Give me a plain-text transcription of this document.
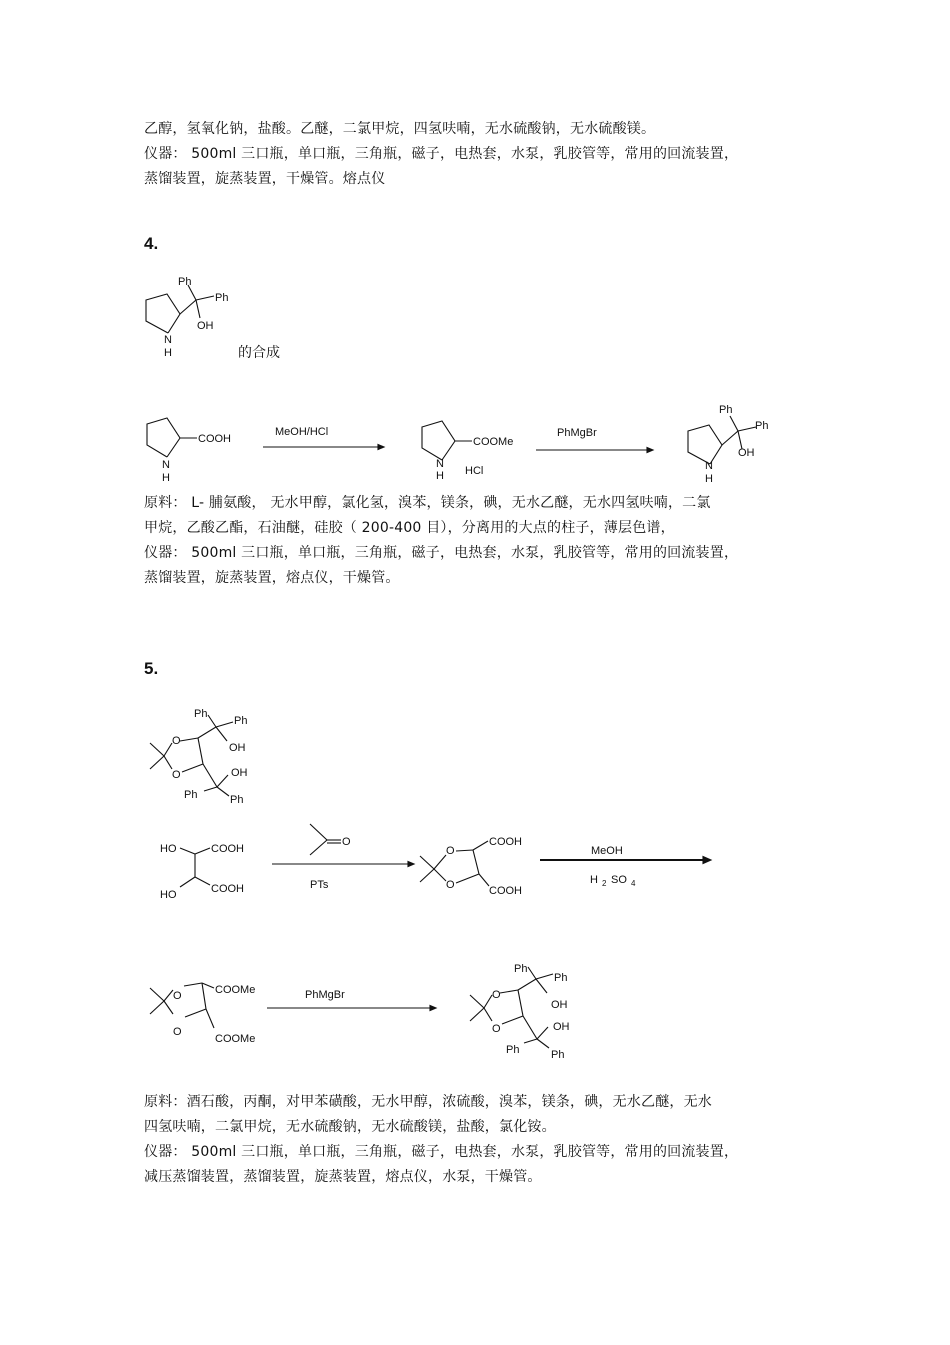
乙醇，氢氧化钠，盐酸。乙醚，二氯甲烷，四氢呋喃，无水硫酸钠，无水硫酸镁。
仪器： 500ml 三口瓶，单口瓶，三角瓶，磁子，电热套，水泵，乳胶管等，常用的回流装置，
蒸馏装置，旋蒸装置，干燥管。熔点仪
4.
Ph
Ph
OH
N
H	的合成
COOH
N
H
MeOH/HCl
COOMe
N
H HCl
PhMgBr
Ph
Ph
OH
N
H
原料： L- 脯氨酸， 无水甲醇，氯化氢，溴苯，镁条，碘，无水乙醚，无水四氢呋喃，二氯
甲烷，乙酸乙酯，石油醚，硅胶（ 200-400 目），分离用的大点的柱子，薄层色谱，
仪器： 500ml 三口瓶，单口瓶，三角瓶，磁子，电热套，水泵，乳胶管等，常用的回流装置，
蒸馏装置，旋蒸装置，熔点仪，干燥管。
5.
Ph
Ph
OH
O
O	OH
Ph	Ph
HO	COOH
COOH
HO
O
PTs
COOH
COOH
O
O
MeOH
H 2 SO 4
COOMe
COOMe
O
O
PhMgBr
Ph
Ph
OH
O
O	OH
Ph	Ph
原料：酒石酸，丙酮，对甲苯磺酸，无水甲醇，浓硫酸，溴苯，镁条，碘，无水乙醚，无水
四氢呋喃，二氯甲烷，无水硫酸钠，无水硫酸镁，盐酸，氯化铵。
仪器： 500ml 三口瓶，单口瓶，三角瓶，磁子，电热套，水泵，乳胶管等，常用的回流装置，
减压蒸馏装置，蒸馏装置，旋蒸装置，熔点仪，水泵，干燥管。
